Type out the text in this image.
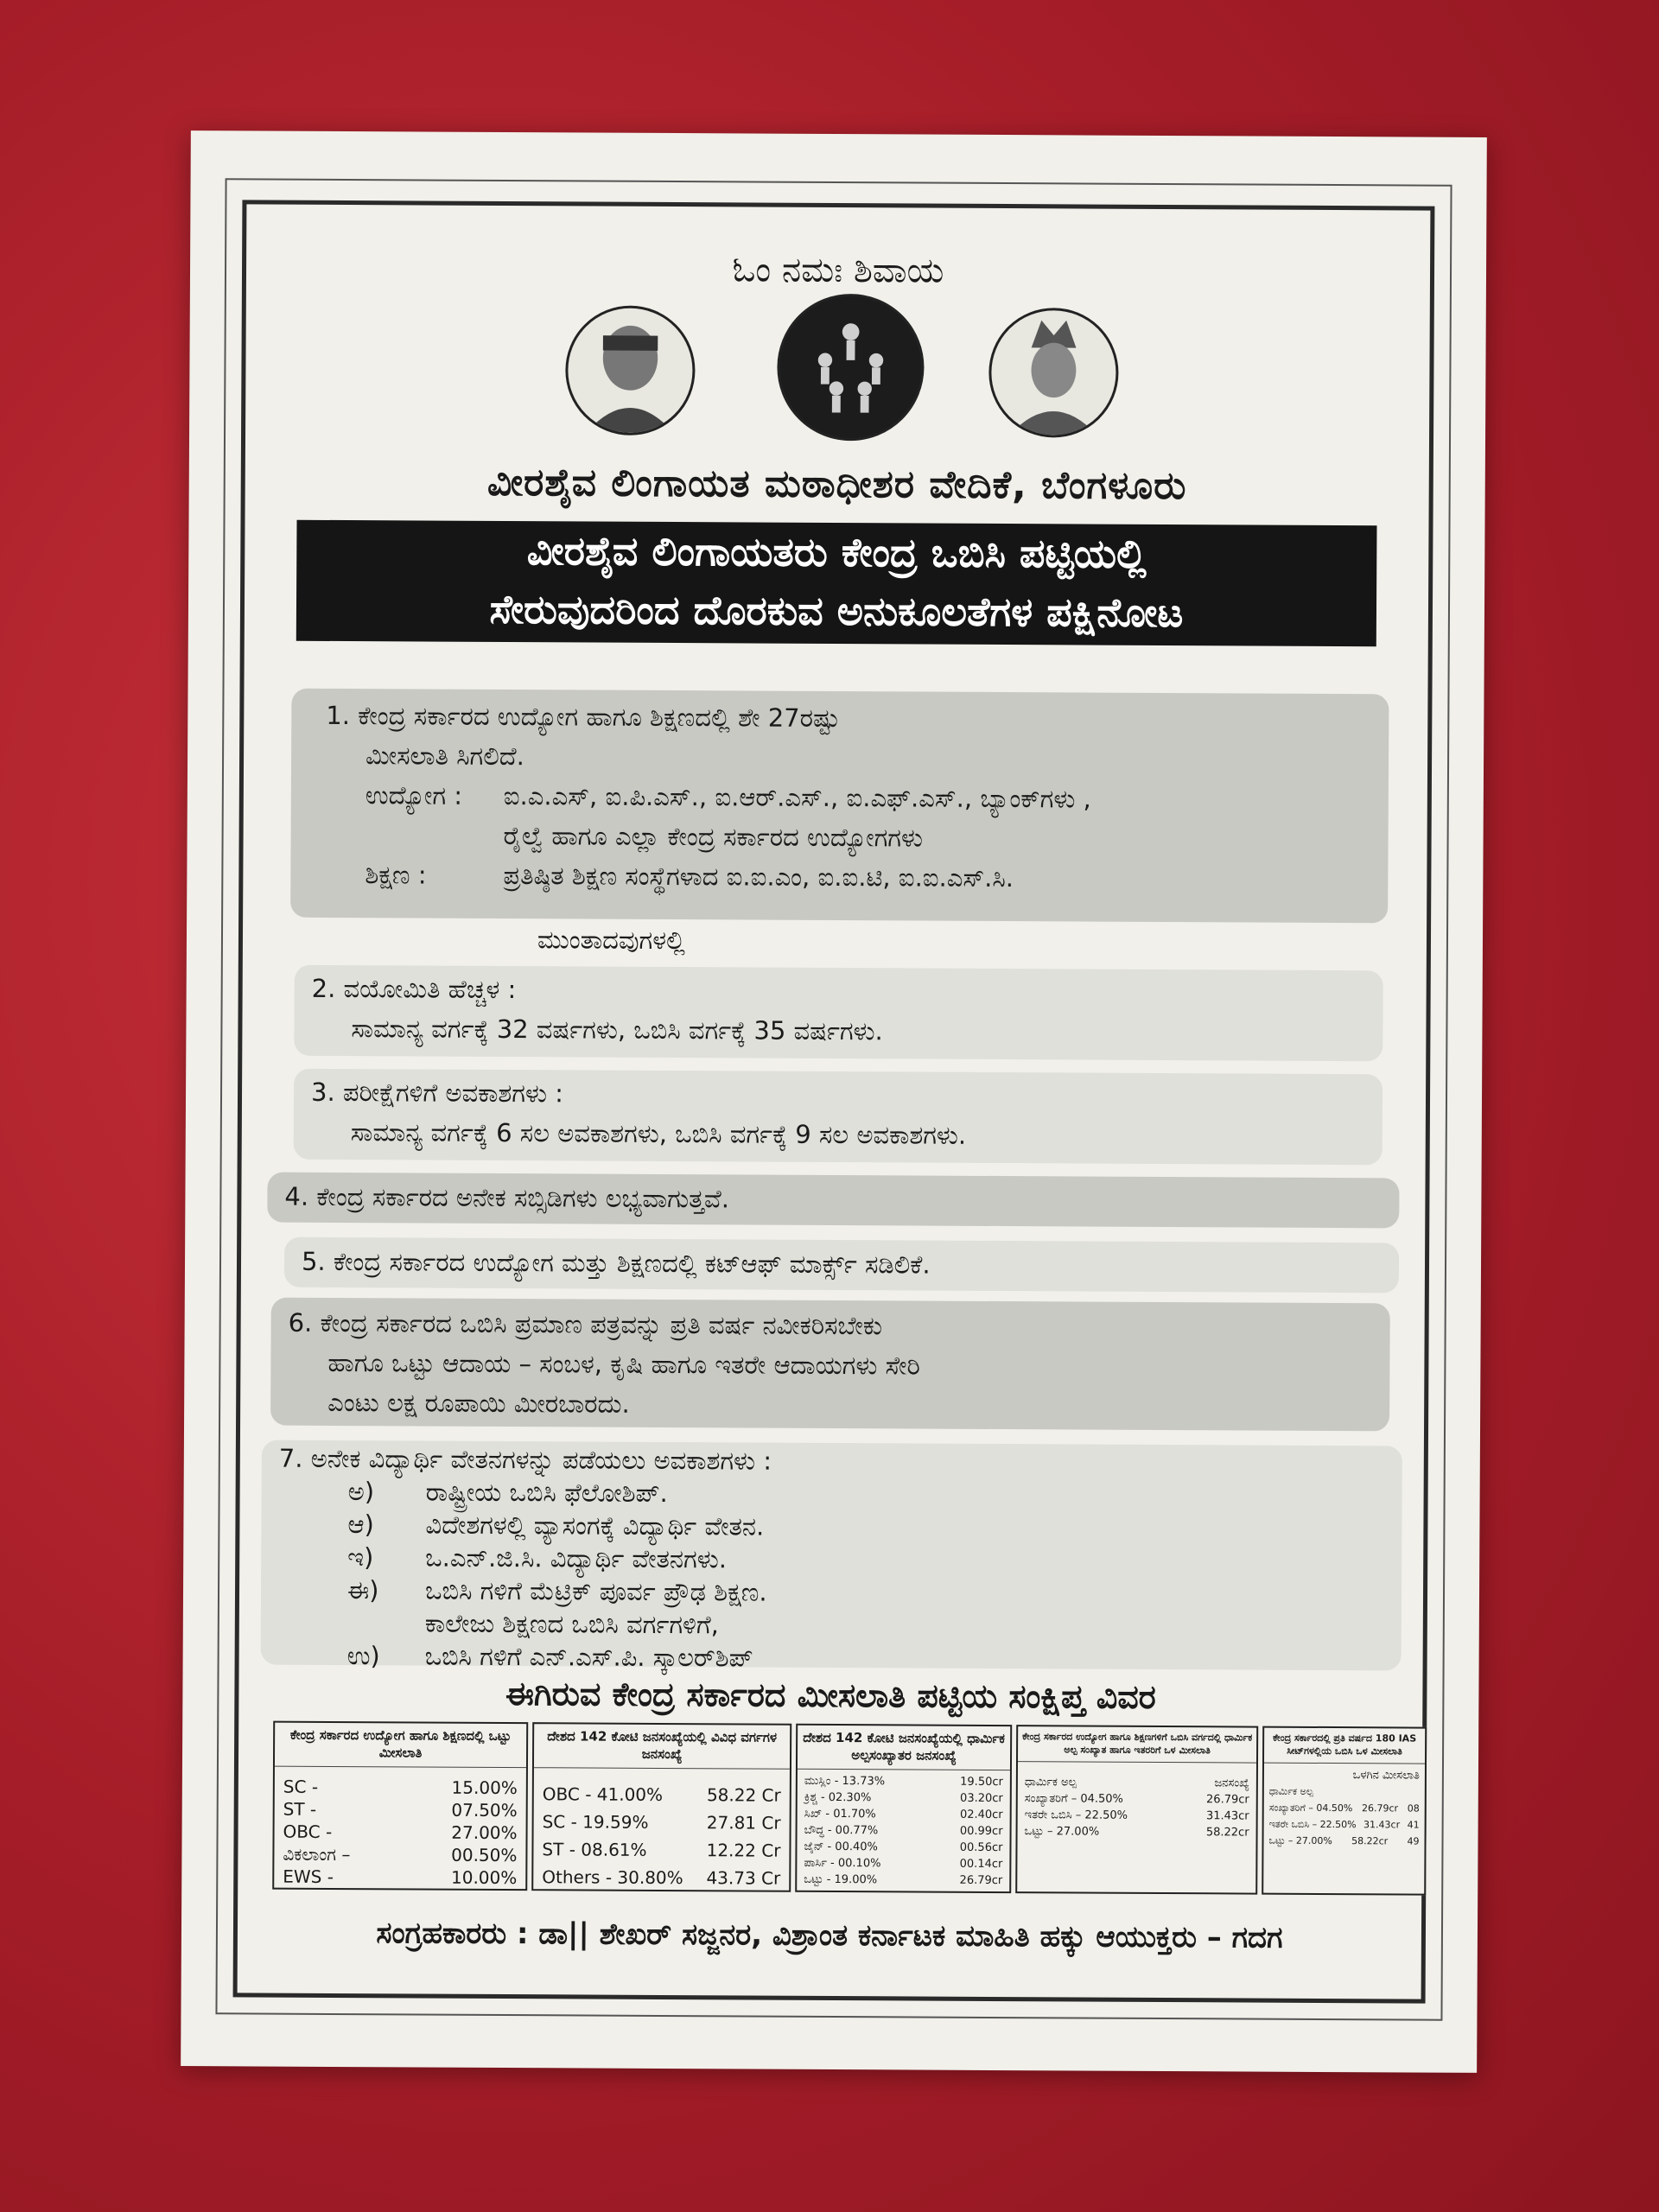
ಓಂ ನಮಃ ಶಿವಾಯ
ವೀರಶೈವ ಲಿಂಗಾಯತ ಮಠಾಧೀಶರ ವೇದಿಕೆ, ಬೆಂಗಳೂರು
ವೀರಶೈವ ಲಿಂಗಾಯತರು ಕೇಂದ್ರ ಒಬಿಸಿ ಪಟ್ಟಿಯಲ್ಲಿ
ಸೇರುವುದರಿಂದ ದೊರಕುವ ಅನುಕೂಲತೆಗಳ ಪಕ್ಷಿನೋಟ
1. ಕೇಂದ್ರ ಸರ್ಕಾರದ ಉದ್ಯೋಗ ಹಾಗೂ ಶಿಕ್ಷಣದಲ್ಲಿ ಶೇ 27ರಷ್ಟು
ಮೀಸಲಾತಿ ಸಿಗಲಿದೆ.
ಉದ್ಯೋಗ :	ಐ.ಎ.ಎಸ್, ಐ.ಪಿ.ಎಸ್., ಐ.ಆರ್.ಎಸ್., ಐ.ಎಫ್.ಎಸ್., ಬ್ಯಾಂಕ್‌ಗಳು ,
ರೈಲ್ವೆ ಹಾಗೂ ಎಲ್ಲಾ ಕೇಂದ್ರ ಸರ್ಕಾರದ ಉದ್ಯೋಗಗಳು
ಶಿಕ್ಷಣ :	ಪ್ರತಿಷ್ಠಿತ ಶಿಕ್ಷಣ ಸಂಸ್ಥೆಗಳಾದ ಐ.ಐ.ಎಂ, ಐ.ಐ.ಟಿ, ಐ.ಐ.ಎಸ್.ಸಿ.
ಮುಂತಾದವುಗಳಲ್ಲಿ
2. ವಯೋಮಿತಿ ಹೆಚ್ಚಳ :
ಸಾಮಾನ್ಯ ವರ್ಗಕ್ಕೆ 32 ವರ್ಷಗಳು, ಒಬಿಸಿ ವರ್ಗಕ್ಕೆ 35 ವರ್ಷಗಳು.
3. ಪರೀಕ್ಷೆಗಳಿಗೆ ಅವಕಾಶಗಳು :
ಸಾಮಾನ್ಯ ವರ್ಗಕ್ಕೆ 6 ಸಲ ಅವಕಾಶಗಳು, ಒಬಿಸಿ ವರ್ಗಕ್ಕೆ 9 ಸಲ ಅವಕಾಶಗಳು.
4. ಕೇಂದ್ರ ಸರ್ಕಾರದ ಅನೇಕ ಸಬ್ಸಿಡಿಗಳು ಲಭ್ಯವಾಗುತ್ತವೆ.
5. ಕೇಂದ್ರ ಸರ್ಕಾರದ ಉದ್ಯೋಗ ಮತ್ತು ಶಿಕ್ಷಣದಲ್ಲಿ ಕಟ್‌ಆಫ್ ಮಾರ್ಕ್ಸ್ ಸಡಿಲಿಕೆ.
6. ಕೇಂದ್ರ ಸರ್ಕಾರದ ಒಬಿಸಿ ಪ್ರಮಾಣ ಪತ್ರವನ್ನು ಪ್ರತಿ ವರ್ಷ ನವೀಕರಿಸಬೇಕು
ಹಾಗೂ ಒಟ್ಟು ಆದಾಯ – ಸಂಬಳ, ಕೃಷಿ ಹಾಗೂ ಇತರೇ ಆದಾಯಗಳು ಸೇರಿ
ಎಂಟು ಲಕ್ಷ ರೂಪಾಯಿ ಮೀರಬಾರದು.
7. ಅನೇಕ ವಿದ್ಯಾರ್ಥಿ ವೇತನಗಳನ್ನು ಪಡೆಯಲು ಅವಕಾಶಗಳು :
ಅ)	ರಾಷ್ಟ್ರೀಯ ಒಬಿಸಿ ಫೆಲೋಶಿಪ್.
ಆ)	ವಿದೇಶಗಳಲ್ಲಿ ವ್ಯಾಸಂಗಕ್ಕೆ ವಿದ್ಯಾರ್ಥಿ ವೇತನ.
ಇ)	ಒ.ಎನ್.ಜಿ.ಸಿ. ವಿದ್ಯಾರ್ಥಿ ವೇತನಗಳು.
ಈ)	ಒಬಿಸಿ ಗಳಿಗೆ ಮೆಟ್ರಿಕ್ ಪೂರ್ವ ಪ್ರೌಢ ಶಿಕ್ಷಣ.
ಕಾಲೇಜು ಶಿಕ್ಷಣದ ಒಬಿಸಿ ವರ್ಗಗಳಿಗೆ,
ಉ)	ಒಬಿಸಿ ಗಳಿಗೆ ಎನ್.ಎಸ್.ಪಿ. ಸ್ಕಾಲರ್‌ಶಿಪ್
ಈಗಿರುವ ಕೇಂದ್ರ ಸರ್ಕಾರದ ಮೀಸಲಾತಿ ಪಟ್ಟಿಯ ಸಂಕ್ಷಿಪ್ತ ವಿವರ
ಕೇಂದ್ರ ಸರ್ಕಾರದ ಉದ್ಯೋಗ ಹಾಗೂ ಶಿಕ್ಷಣದಲ್ಲಿ ಒಟ್ಟು ಮೀಸಲಾತಿ
SC -	15.00%
ST -	07.50%
OBC -	27.00%
ವಿಕಲಾಂಗ –	00.50%
EWS -	10.00%
ದೇಶದ 142 ಕೋಟಿ ಜನಸಂಖ್ಯೆಯಲ್ಲಿ ವಿವಿಧ ವರ್ಗಗಳ ಜನಸಂಖ್ಯೆ
OBC - 41.00%	58.22 Cr
SC - 19.59%	27.81 Cr
ST - 08.61%	12.22 Cr
Others - 30.80% 43.73 Cr
ದೇಶದ 142 ಕೋಟಿ ಜನಸಂಖ್ಯೆಯಲ್ಲಿ ಧಾರ್ಮಿಕ ಅಲ್ಪಸಂಖ್ಯಾತರ ಜನಸಂಖ್ಯೆ
ಮುಸ್ಲಿಂ - 13.73%	19.50cr
ಕ್ರಿಶ್ಚ - 02.30%	03.20cr
ಸಿಖ್ - 01.70%	02.40cr
ಬೌದ್ಧ - 00.77%	00.99cr
ಜೈನ್ - 00.40%	00.56cr
ಪಾರ್ಸಿ - 00.10%	00.14cr
ಒಟ್ಟು - 19.00%	26.79cr
ಕೇಂದ್ರ ಸರ್ಕಾರದ ಉದ್ಯೋಗ ಹಾಗೂ ಶಿಕ್ಷಣಗಳಿಗೆ ಒಬಿಸಿ ವರ್ಗದಲ್ಲಿ ಧಾರ್ಮಿಕ ಅಲ್ಪ ಸಂಖ್ಯಾತ ಹಾಗೂ ಇತರರಿಗೆ ಒಳ ಮೀಸಲಾತಿ
ಧಾರ್ಮಿಕ ಅಲ್ಪ	ಜನಸಂಖ್ಯೆ
ಸಂಖ್ಯಾತರಿಗೆ – 04.50%	26.79cr
ಇತರೇ ಒಬಿಸಿ – 22.50%	31.43cr
ಒಟ್ಟು – 27.00%	58.22cr
ಕೇಂದ್ರ ಸರ್ಕಾರದಲ್ಲಿ ಪ್ರತಿ ವರ್ಷದ 180 IAS ಸೀಟ್‌ಗಳಲ್ಲಿಯ ಒಬಿಸಿ ಒಳ ಮೀಸಲಾತಿ
ಒಳಗಿನ ಮೀಸಲಾತಿ
ಧಾರ್ಮಿಕ ಅಲ್ಪ
ಸಂಖ್ಯಾತರಿಗೆ – 04.50% 26.79cr 08
ಇತರೇ ಒಬಿಸಿ – 22.50% 31.43cr 41
ಒಟ್ಟು – 27.00% 58.22cr 49
ಸಂಗ್ರಹಕಾರರು : ಡಾ|| ಶೇಖರ್ ಸಜ್ಜನರ, ವಿಶ್ರಾಂತ ಕರ್ನಾಟಕ ಮಾಹಿತಿ ಹಕ್ಕು ಆಯುಕ್ತರು – ಗದಗ
